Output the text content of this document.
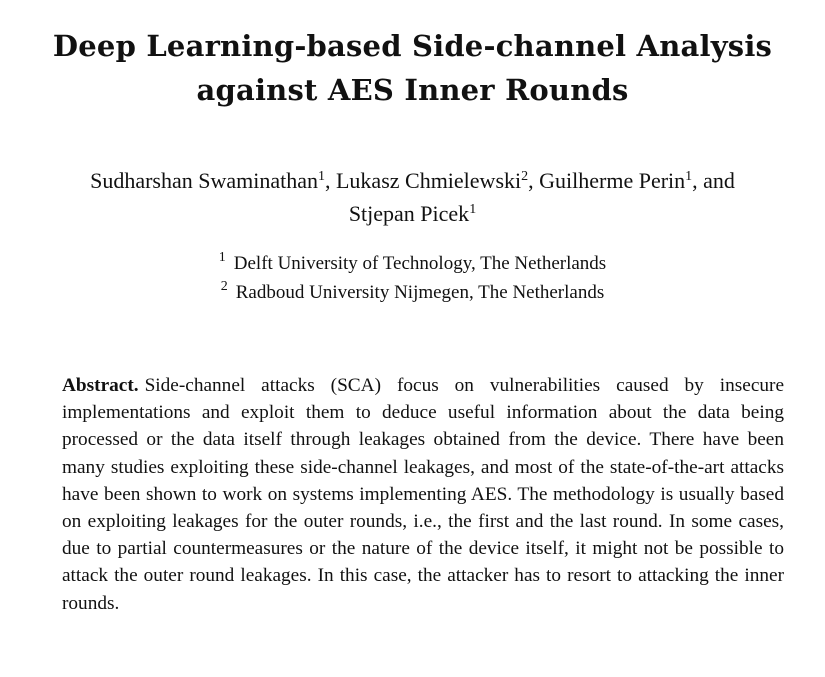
Deep Learning-based Side-channel Analysis
against AES Inner Rounds
Sudharshan Swaminathan$^1$, Lukasz Chmielewski$^2$, Guilherme Perin$^1$, and
Stjepan Picek$^1$
$^1$ Delft University of Technology, The Netherlands
$^2$ Radboud University Nijmegen, The Netherlands
Abstract. Side-channel attacks (SCA) focus on vulnerabilities caused by insecure implementations and exploit them to deduce useful information about the data being processed or the data itself through leakages obtained from the device. There have been many studies exploiting these side-channel leakages, and most of the state-of-the-art attacks have been shown to work on systems implementing AES. The methodology is usually based on exploiting leakages for the outer rounds, i.e., the first and the last round. In some cases, due to partial countermeasures or the nature of the device itself, it might not be possible to attack the outer round leakages. In this case, the attacker has to resort to attacking the inner rounds.
